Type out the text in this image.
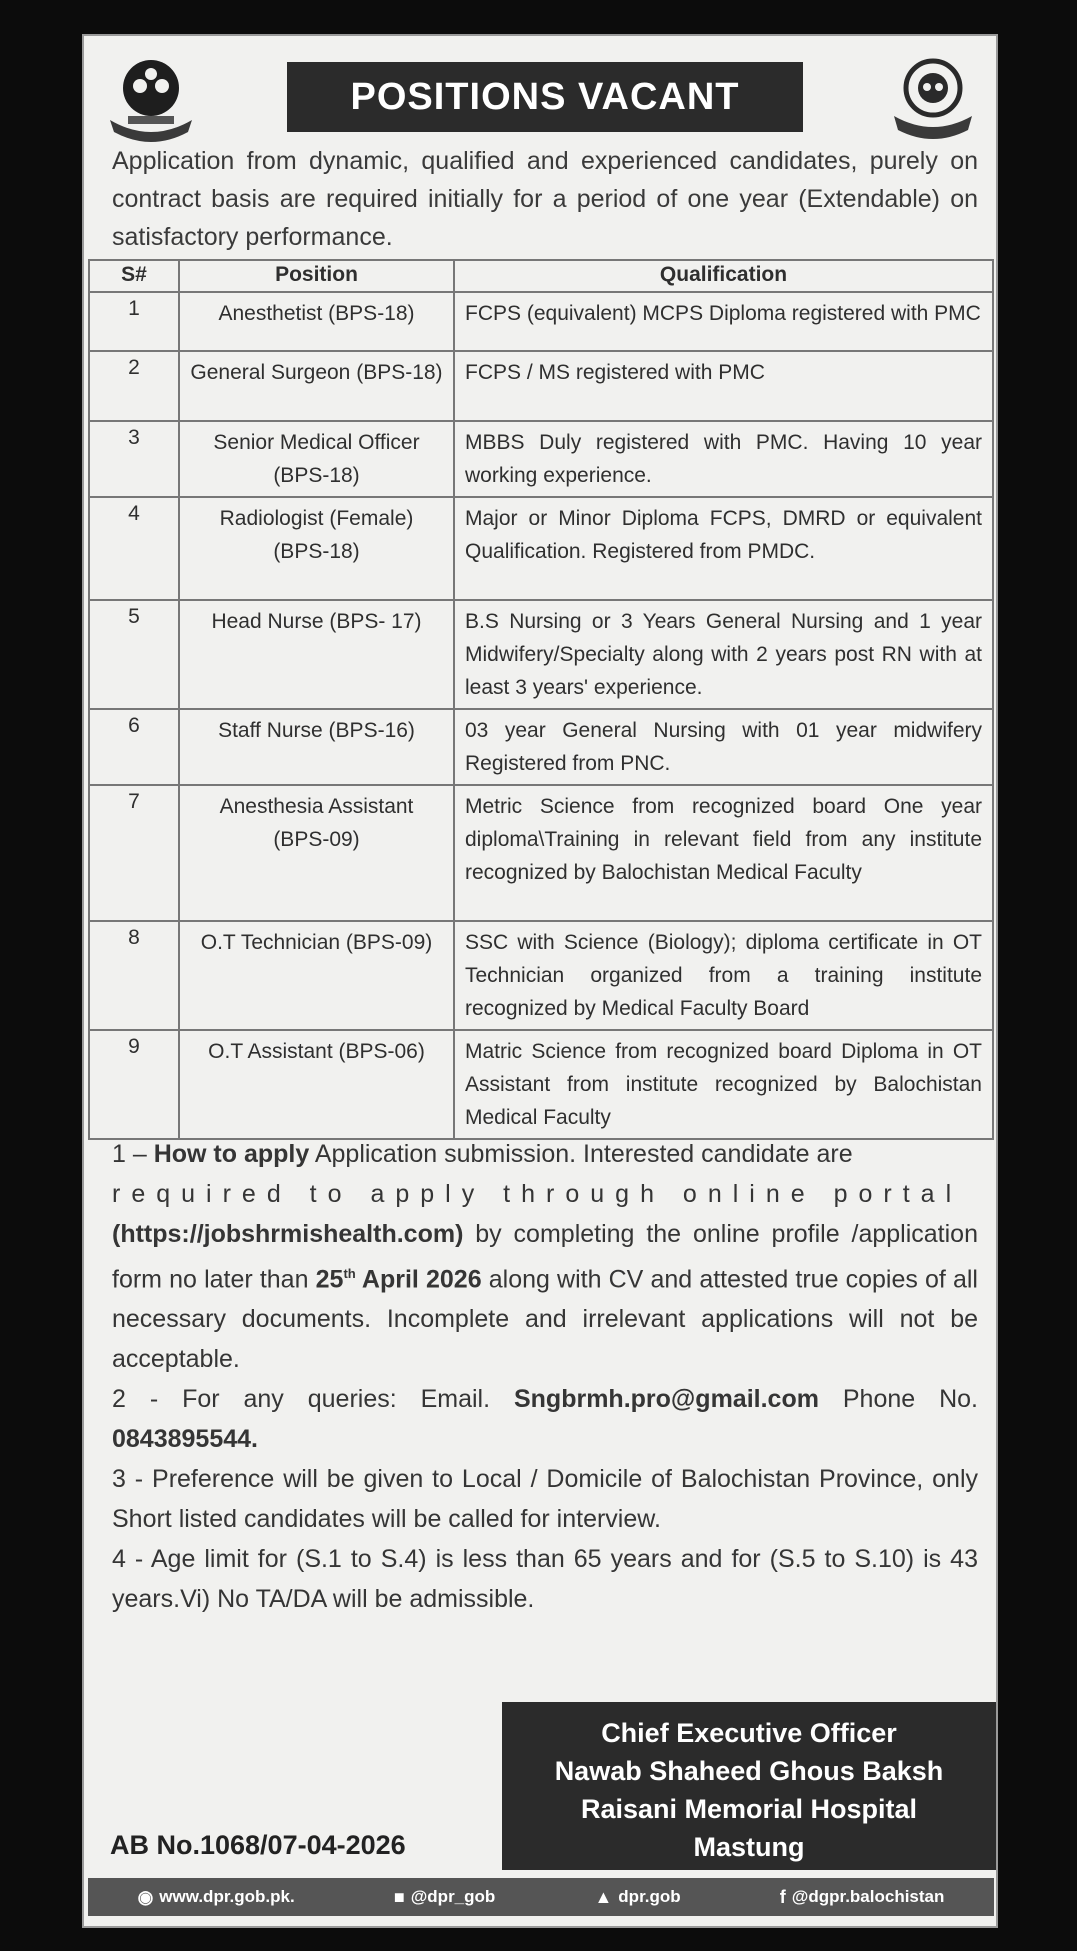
POSITIONS VACANT
Application from dynamic, qualified and experienced candidates, purely on contract basis are required initially for a period of one year (Extendable) on satisfactory performance.
S#	Position	Qualification
1	Anesthetist (BPS-18)	FCPS (equivalent) MCPS Diploma registered with PMC
2	General Surgeon (BPS-18)	FCPS / MS registered with PMC
3	Senior Medical Officer (BPS-18)	MBBS Duly registered with PMC. Having 10 year working experience.
4	Radiologist (Female) (BPS-18)	Major or Minor Diploma FCPS, DMRD or equivalent Qualification. Registered from PMDC.
5	Head Nurse (BPS- 17)	B.S Nursing or 3 Years General Nursing and 1 year Midwifery/Specialty along with 2 years post RN with at least 3 years' experience.
6	Staff Nurse (BPS-16)	03 year General Nursing with 01 year midwifery Registered from PNC.
7	Anesthesia Assistant (BPS-09)	Metric Science from recognized board One year diploma\Training in relevant field from any institute recognized by Balochistan Medical Faculty
8	O.T Technician (BPS-09)	SSC with Science (Biology); diploma certificate in OT Technician organized from a training institute recognized by Medical Faculty Board
9	O.T Assistant (BPS-06)	Matric Science from recognized board Diploma in OT Assistant from institute recognized by Balochistan Medical Faculty

1 – How to apply Application submission. Interested candidate are
required to apply through online portal
(https://jobshrmishealth.com) by completing the online profile /application form no later than 25th April 2026 along with CV and attested true copies of all necessary documents. Incomplete and irrelevant applications will not be acceptable.

2 - For any queries: Email. Sngbrmh.pro@gmail.com Phone No. 0843895544.

3 - Preference will be given to Local / Domicile of Balochistan Province, only Short listed candidates will be called for interview.

4 - Age limit for (S.1 to S.4) is less than 65 years and for (S.5 to S.10) is 43 years.Vi) No TA/DA will be admissible.

Chief Executive Officer
Nawab Shaheed Ghous Baksh
Raisani Memorial Hospital
Mastung
AB No.1068/07-04-2026
◉ www.dpr.gob.pk.	■ @dpr_gob	▲ dpr.gob	f @dgpr.balochistan
